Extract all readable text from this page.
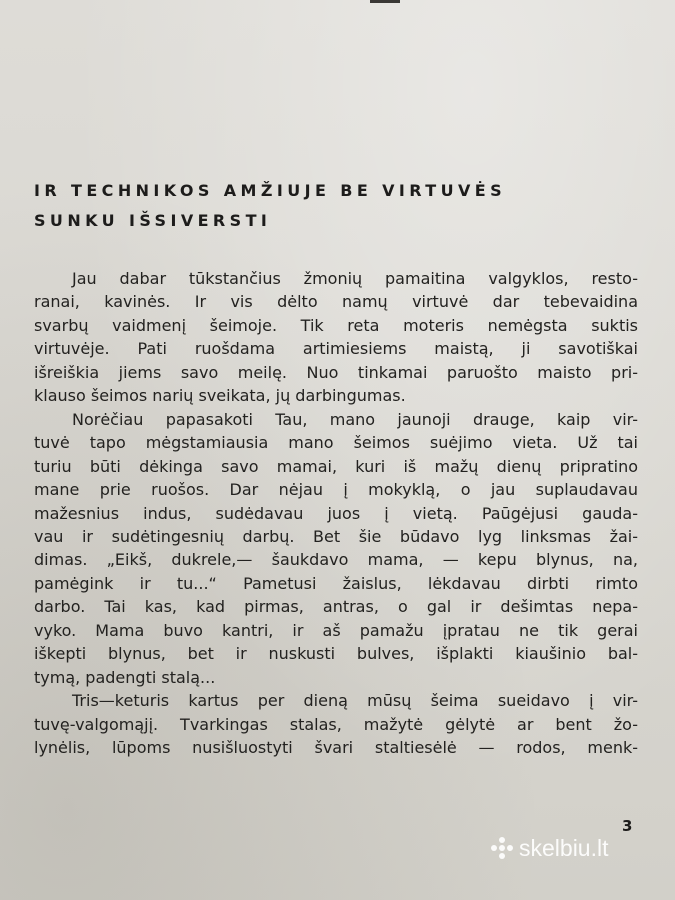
IR TECHNIKOS AMŽIUJE BE VIRTUVĖS
SUNKU IŠSIVERSTI
Jau dabar tūkstančius žmonių pamaitina valgyklos, resto-
ranai, kavinės. Ir vis dėlto namų virtuvė dar tebevaidina
svarbų vaidmenį šeimoje. Tik reta moteris nemėgsta suktis
virtuvėje. Pati ruošdama artimiesiems maistą, ji savotiškai
išreiškia jiems savo meilę. Nuo tinkamai paruošto maisto pri-
klauso šeimos narių sveikata, jų darbingumas.
Norėčiau papasakoti Tau, mano jaunoji drauge, kaip vir-
tuvė tapo mėgstamiausia mano šeimos suėjimo vieta. Už tai
turiu būti dėkinga savo mamai, kuri iš mažų dienų pripratino
mane prie ruošos. Dar nėjau į mokyklą, o jau suplaudavau
mažesnius indus, sudėdavau juos į vietą. Paūgėjusi gauda-
vau ir sudėtingesnių darbų. Bet šie būdavo lyg linksmas žai-
dimas. „Eikš, dukrele,— šaukdavo mama, — kepu blynus, na,
pamėgink ir tu...“ Pametusi žaislus, lėkdavau dirbti rimto
darbo. Tai kas, kad pirmas, antras, o gal ir dešimtas nepa-
vyko. Mama buvo kantri, ir aš pamažu įpratau ne tik gerai
iškepti blynus, bet ir nuskusti bulves, išplakti kiaušinio bal-
tymą, padengti stalą...
Tris—keturis kartus per dieną mūsų šeima sueidavo į vir-
tuvę-valgomąjį. Tvarkingas stalas, mažytė gėlytė ar bent žo-
lynėlis, lūpoms nusišluostyti švari staltiesėlė — rodos, menk-
3
skelbiu.lt
